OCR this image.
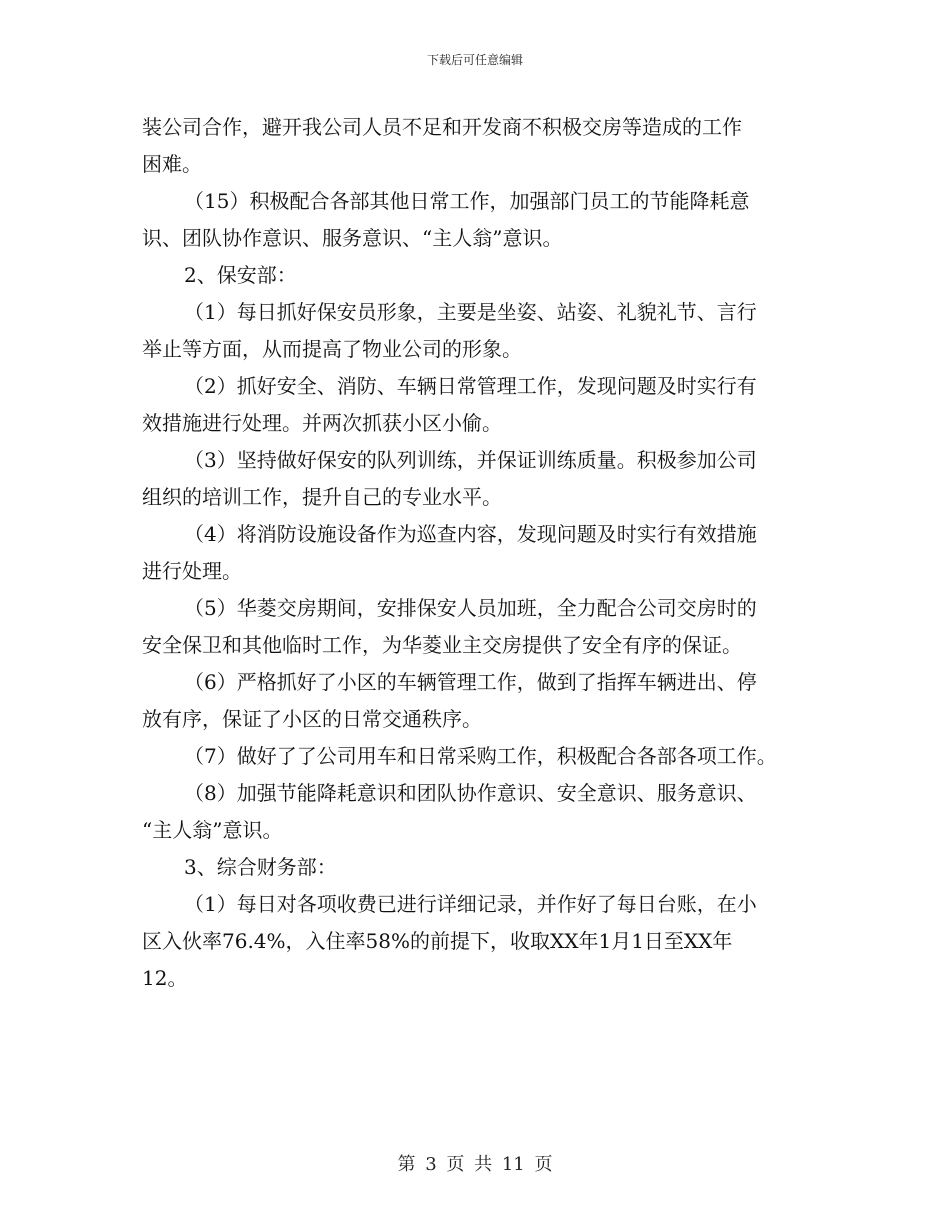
下载后可任意编辑
装公司合作，避开我公司人员不足和开发商不积极交房等造成的工作
困难。
（15）积极配合各部其他日常工作，加强部门员工的节能降耗意
识、团队协作意识、服务意识、“主人翁”意识。
2、保安部：
（1）每日抓好保安员形象，主要是坐姿、站姿、礼貌礼节、言行
举止等方面，从而提高了物业公司的形象。
（2）抓好安全、消防、车辆日常管理工作，发现问题及时实行有
效措施进行处理。并两次抓获小区小偷。
（3）坚持做好保安的队列训练，并保证训练质量。积极参加公司
组织的培训工作，提升自己的专业水平。
（4）将消防设施设备作为巡查内容，发现问题及时实行有效措施
进行处理。
（5）华菱交房期间，安排保安人员加班，全力配合公司交房时的
安全保卫和其他临时工作，为华菱业主交房提供了安全有序的保证。
（6）严格抓好了小区的车辆管理工作，做到了指挥车辆进出、停
放有序，保证了小区的日常交通秩序。
（7）做好了了公司用车和日常采购工作，积极配合各部各项工作。
（8）加强节能降耗意识和团队协作意识、安全意识、服务意识、
“主人翁”意识。
3、综合财务部：
（1）每日对各项收费已进行详细记录，并作好了每日台账，在小
区入伙率76.4%，入住率58%的前提下，收取XX年1月1日至XX年
12。
第 3 页 共 11 页
